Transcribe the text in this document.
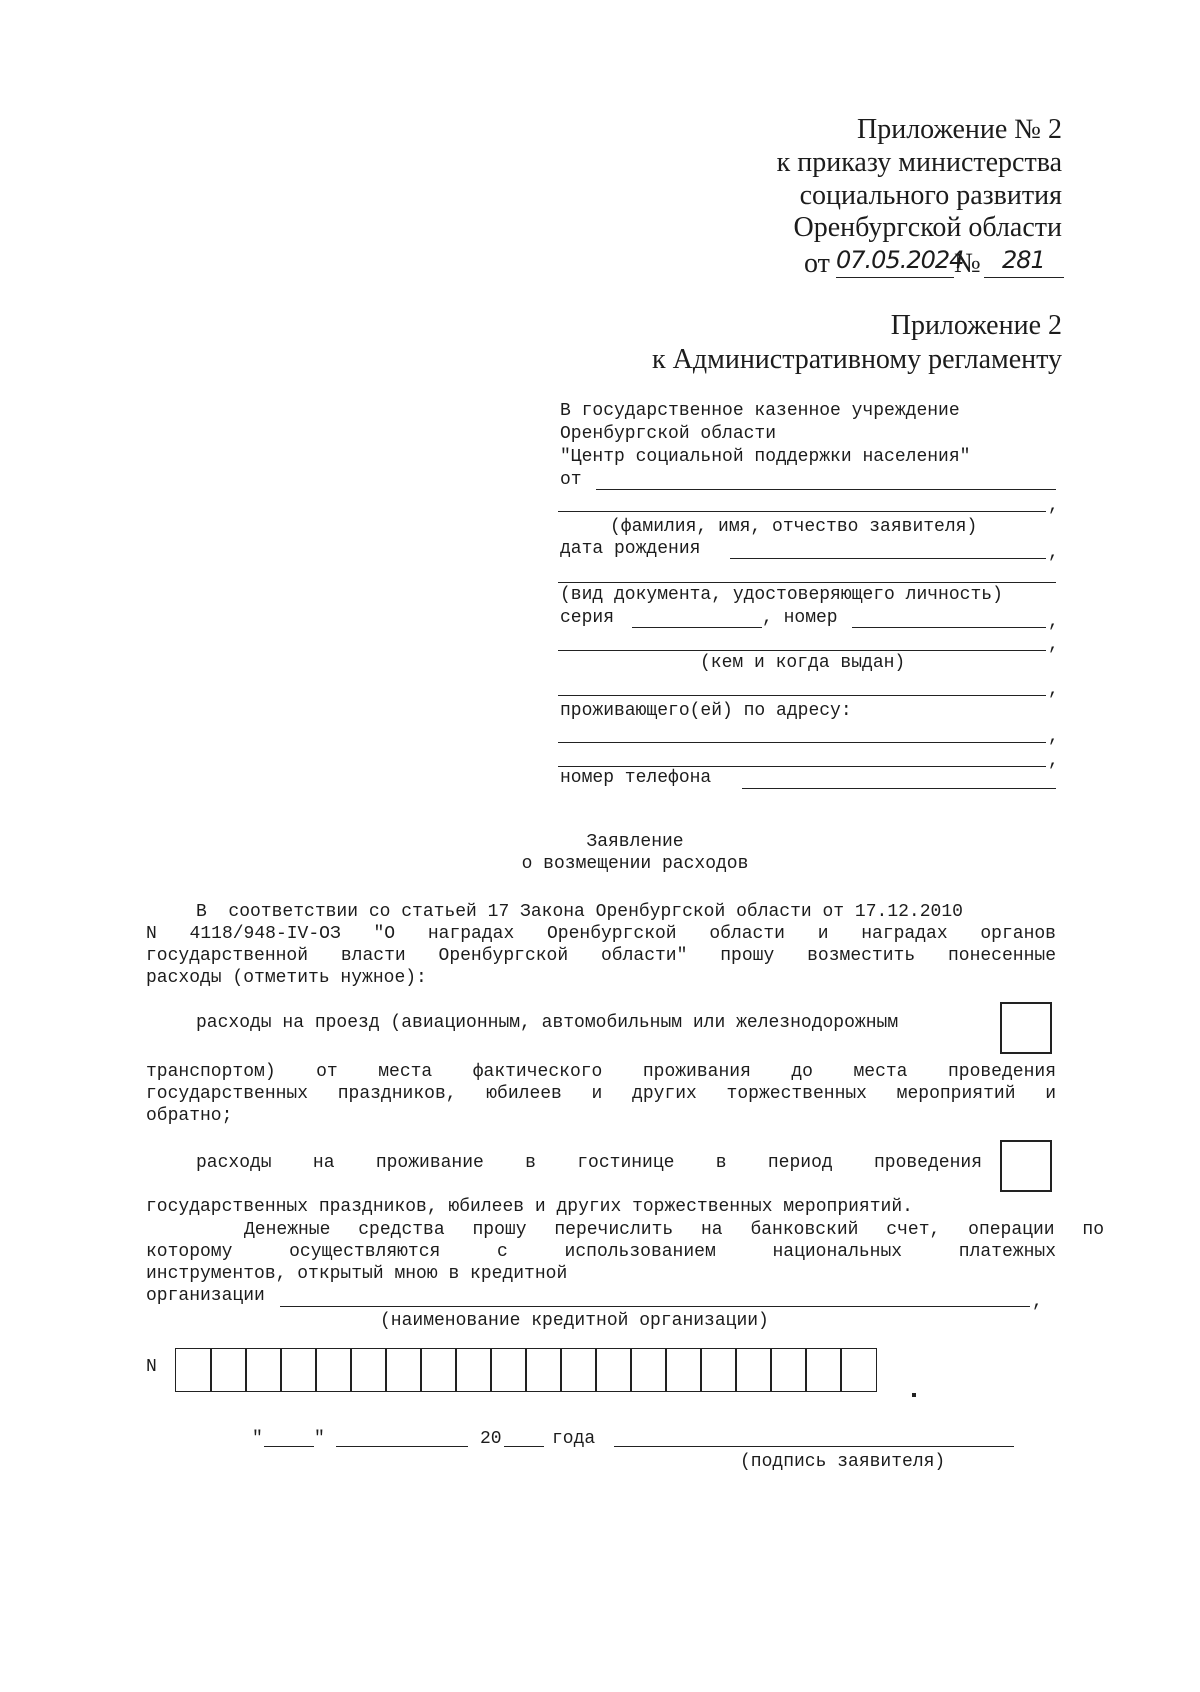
Приложение № 2
к приказу министерства
социального развития
Оренбургской области
от 07.05.2024
№ 281
Приложение 2
к Административному регламенту
В государственное казенное учреждение
Оренбургской области
"Центр социальной поддержки населения"
от
,
(фамилия, имя, отчество заявителя)
дата рождения	,
(вид документа, удостоверяющего личность)
серия	, номер	,
,
(кем и когда выдан)
,
проживающего(ей) по адресу:
,
,
номер телефона
Заявление
о возмещении расходов
В  соответствии со статьей 17 Закона Оренбургской области от 17.12.2010
N 4118/948-IV-ОЗ "О наградах Оренбургской области и наградах органов
государственной власти Оренбургской области" прошу возместить понесенные
расходы (отметить нужное):
расходы на проезд (авиационным, автомобильным или железнодорожным
транспортом) от места фактического проживания до места проведения
государственных праздников, юбилеев и других торжественных мероприятий и
обратно;
расходы на проживание в гостинице в период проведения
государственных праздников, юбилеев и других торжественных мероприятий.
Денежные средства прошу перечислить на банковский счет, операции по
которому осуществляются с использованием национальных платежных
инструментов, открытый мною в кредитной
организации	,
(наименование кредитной организации)
N
"	"	20	года
(подпись заявителя)
